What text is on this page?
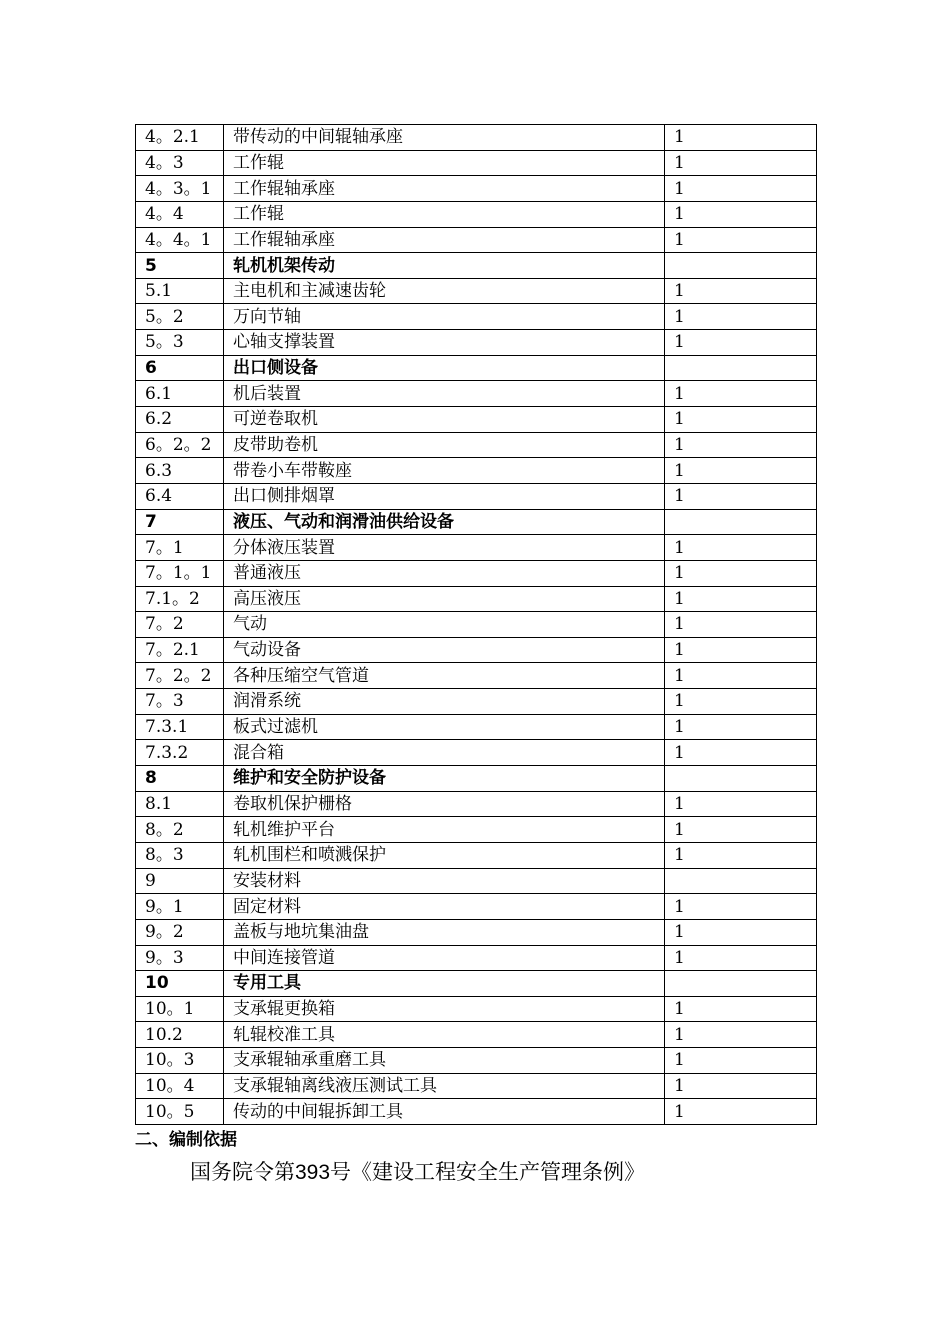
4。2.1	带传动的中间辊轴承座	1
4。3	工作辊	1
4。3。1	工作辊轴承座	1
4。4	工作辊	1
4。4。1	工作辊轴承座	1
5	轧机机架传动	
5.1	主电机和主减速齿轮	1
5。2	万向节轴	1
5。3	心轴支撑装置	1
6	出口侧设备	
6.1	机后装置	1
6.2	可逆卷取机	1
6。2。2	皮带助卷机	1
6.3	带卷小车带鞍座	1
6.4	出口侧排烟罩	1
7	液压、气动和润滑油供给设备	
7。1	分体液压装置	1
7。1。1	普通液压	1
7.1。2	高压液压	1
7。2	气动	1
7。2.1	气动设备	1
7。2。2	各种压缩空气管道	1
7。3	润滑系统	1
7.3.1	板式过滤机	1
7.3.2	混合箱	1
8	维护和安全防护设备	
8.1	卷取机保护栅格	1
8。2	轧机维护平台	1
8。3	轧机围栏和喷溅保护	1
9	安装材料	
9。1	固定材料	1
9。2	盖板与地坑集油盘	1
9。3	中间连接管道	1
10	专用工具	
10。1	支承辊更换箱	1
10.2	轧辊校准工具	1
10。3	支承辊轴承重磨工具	1
10。4	支承辊轴离线液压测试工具	1
10。5	传动的中间辊拆卸工具	1
二、编制依据
国务院令第393号《建设工程安全生产管理条例》
